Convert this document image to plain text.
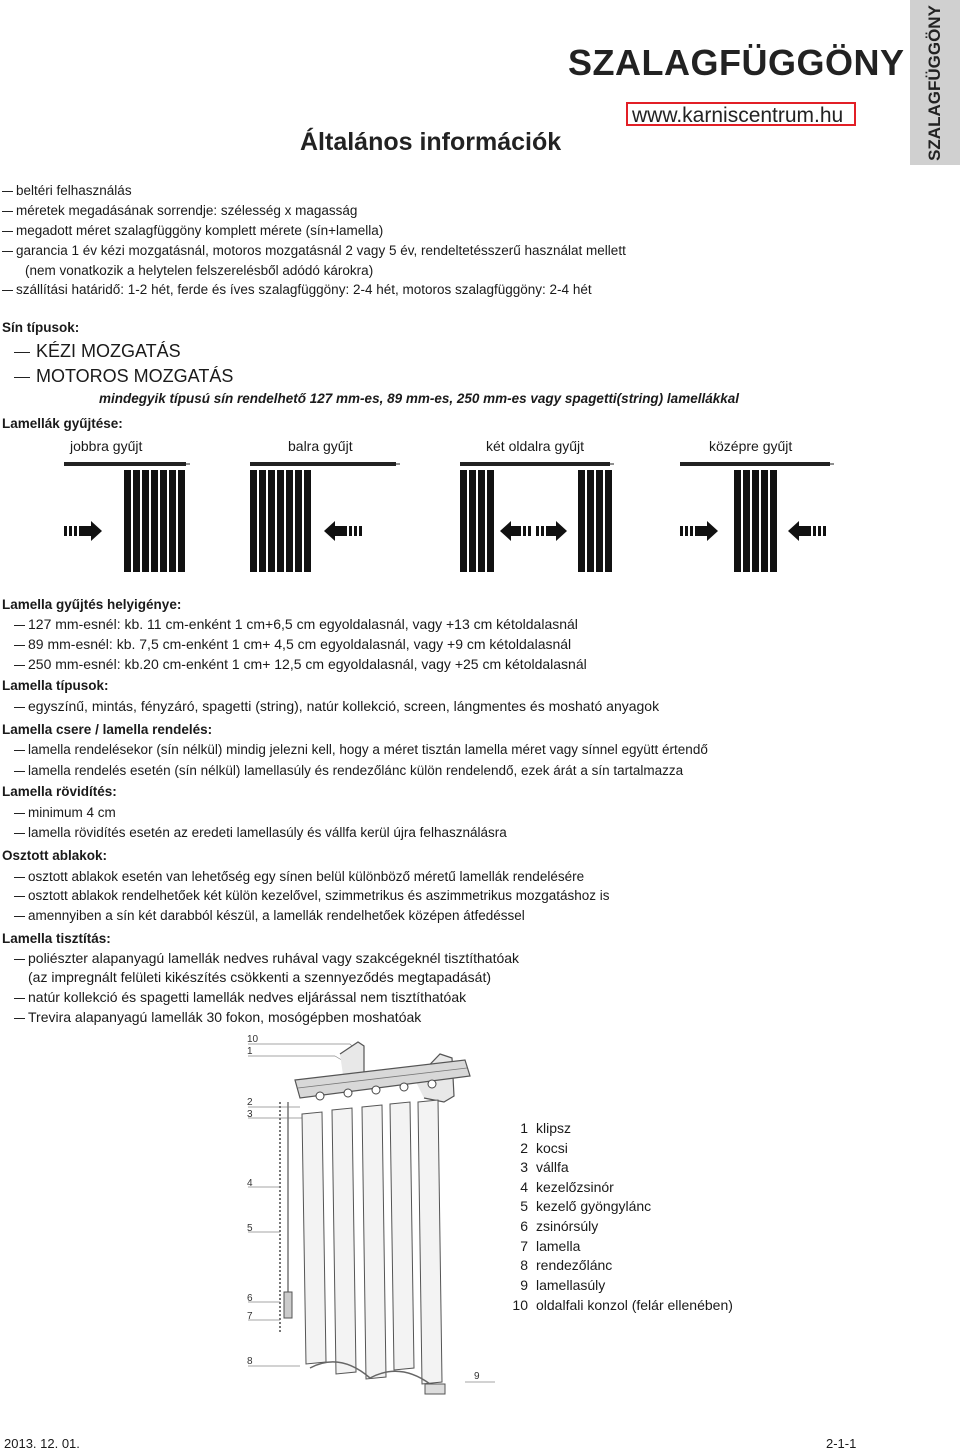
SZALAGFÜGGÖNY
www.karniscentrum.hu	SZALAGFÜGGÖNY
Általános információk
beltéri felhasználás
méretek megadásának sorrendje: szélesség x magasság
megadott méret szalagfüggöny komplett mérete (sín+lamella)
garancia 1 év kézi mozgatásnál, motoros mozgatásnál 2 vagy 5 év, rendeltetésszerű használat mellett
(nem vonatkozik a helytelen felszerelésből adódó károkra)
szállítási határidő: 1-2 hét, ferde és íves szalagfüggöny: 2-4 hét, motoros szalagfüggöny: 2-4 hét
Sín típusok:
KÉZI MOZGATÁS
MOTOROS MOZGATÁS
mindegyik típusú sín rendelhető 127 mm-es, 89 mm-es, 250 mm-es vagy spagetti(string) lamellákkal
Lamellák gyűjtése:
jobbra gyűjt	balra gyűjt	két oldalra gyűjt	középre gyűjt
Lamella gyűjtés helyigénye:
127 mm-esnél: kb. 11 cm-enként 1 cm+6,5 cm egyoldalasnál, vagy +13 cm kétoldalasnál
89 mm-esnél: kb. 7,5 cm-enként 1 cm+ 4,5 cm egyoldalasnál, vagy +9 cm kétoldalasnál
250 mm-esnél: kb.20 cm-enként 1 cm+ 12,5 cm egyoldalasnál, vagy +25 cm kétoldalasnál
Lamella típusok:
egyszínű, mintás, fényzáró, spagetti (string), natúr kollekció, screen, lángmentes és mosható anyagok
Lamella csere / lamella rendelés:
lamella rendelésekor (sín nélkül) mindig jelezni kell, hogy a méret tisztán lamella méret vagy sínnel együtt értendő
lamella rendelés esetén (sín nélkül) lamellasúly és rendezőlánc külön rendelendő, ezek árát a sín tartalmazza
Lamella rövidítés:
minimum 4 cm
lamella rövidítés esetén az eredeti lamellasúly és vállfa kerül újra felhasználásra
Osztott ablakok:
osztott ablakok esetén van lehetőség egy sínen belül különböző méretű lamellák rendelésére
osztott ablakok rendelhetőek két külön kezelővel, szimmetrikus és aszimmetrikus mozgatáshoz is
amennyiben a sín két darabból készül, a lamellák rendelhetőek középen átfedéssel
Lamella tisztítás:
poliészter alapanyagú lamellák nedves ruhával vagy szakcégeknél tisztíthatóak
(az impregnált felületi kikészítés csökkenti a szennyeződés megtapadását)
natúr kollekció és spagetti lamellák nedves eljárással nem tisztíthatóak
Trevira alapanyagú lamellák 30 fokon, mosógépben moshatóak
10
1
2
3
4
5
6
7
8
9
1 klipsz
2 kocsi
3 vállfa
4 kezelőzsinór
5 kezelő gyöngylánc
6 zsinórsúly
7 lamella
8 rendezőlánc
9 lamellasúly
10 oldalfali konzol (felár ellenében)
2013. 12. 01.	2-1-1
